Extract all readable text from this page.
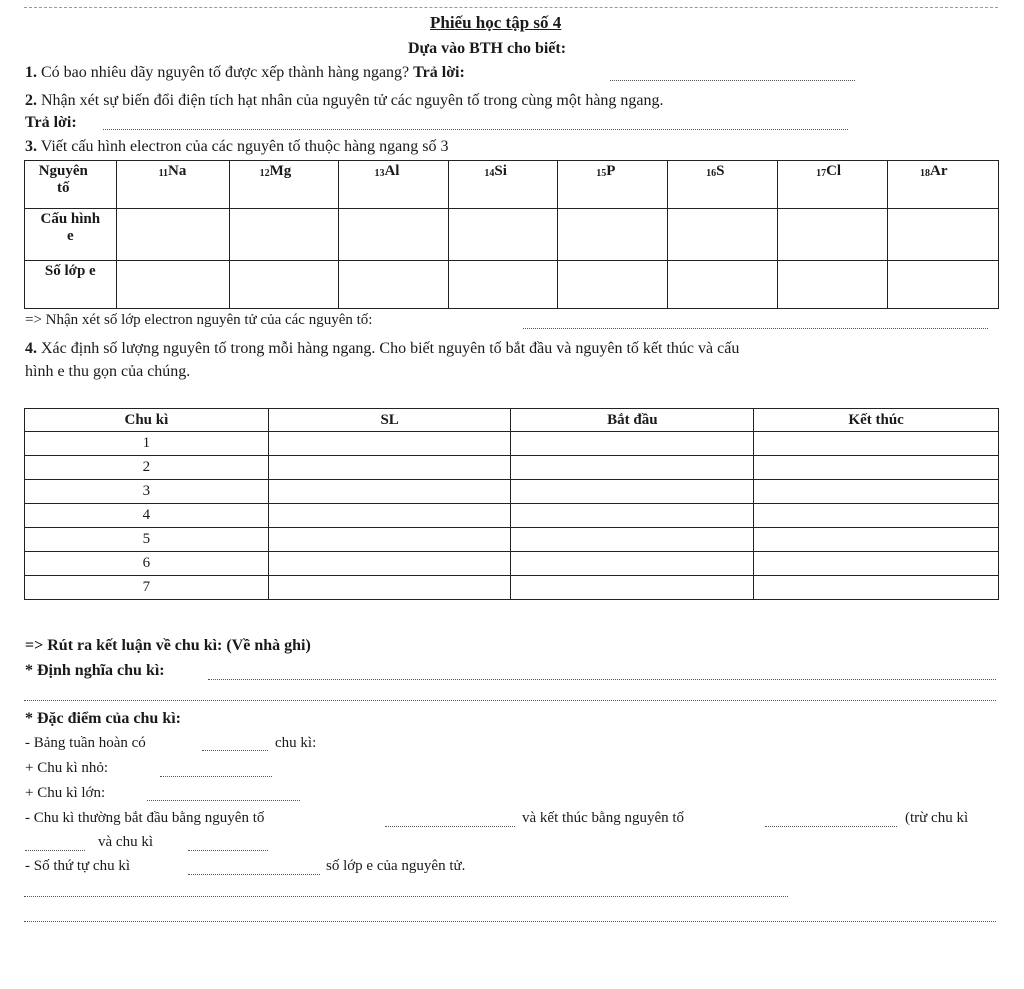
Phiếu học tập số 4
Dựa vào BTH cho biết:
1. Có bao nhiêu dãy nguyên tố được xếp thành hàng ngang? Trả lời:
2. Nhận xét sự biến đổi điện tích hạt nhân của nguyên tử các nguyên tố trong cùng một hàng ngang.
Trả lời:
3. Viết cấu hình electron của các nguyên tố thuộc hàng ngang số 3
Nguyên tố	$_{11}$Na	$_{12}$Mg	$_{13}$Al	$_{14}$Si	$_{15}$P	$_{16}$S	$_{17}$Cl	$_{18}$Ar
Cấu hình e								
Số lớp e								
=> Nhận xét số lớp electron nguyên tử của các nguyên tố:
4. Xác định số lượng nguyên tố trong mỗi hàng ngang. Cho biết nguyên tố bắt đầu và nguyên tố kết thúc và cấu
hình e thu gọn của chúng.
Chu kì	SL	Bắt đầu	Kết thúc
1			
2			
3			
4			
5			
6			
7			
=> Rút ra kết luận về chu kì: (Về nhà ghi)
* Định nghĩa chu kì:
* Đặc điểm của chu kì:
- Bảng tuần hoàn có	chu kì:
+ Chu kì nhỏ:
+ Chu kì lớn:
- Chu kì thường bắt đầu bằng nguyên tố	và kết thúc bằng nguyên tố	(trừ chu kì
và chu kì
- Số thứ tự chu kì	số lớp e của nguyên tử.
